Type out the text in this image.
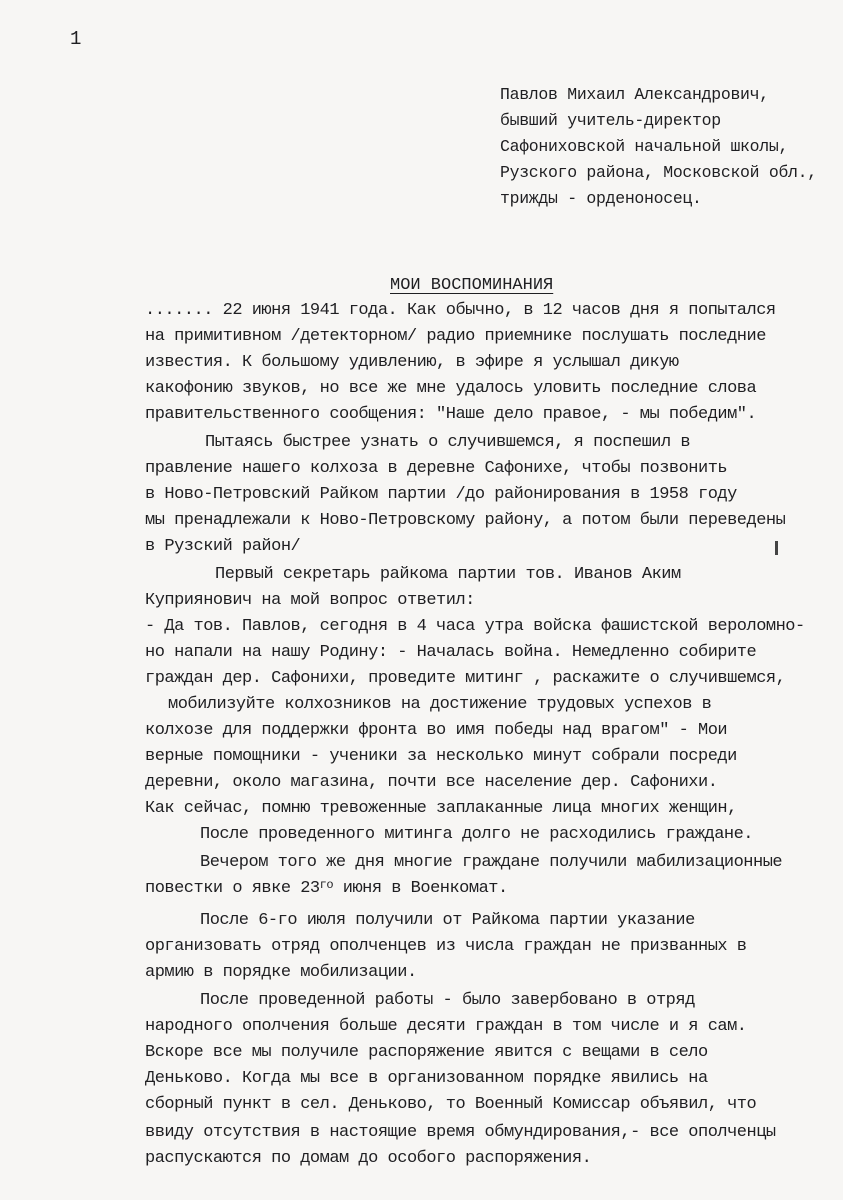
1
Павлов Михаил Александрович,
бывший учитель-директор
Сафониховской начальной школы,
Рузского района, Московской обл.,
трижды - орденоносец.
МОИ ВОСПОМИНАНИЯ
....... 22 июня 1941 года. Как обычно, в 12 часов дня я попытался
на примитивном /детекторном/ радио приемнике послушать последние
известия. К большому удивлению, в эфире я услышал дикую
какофонию звуков, но все же мне удалось уловить последние слова
правительственного сообщения: "Наше дело правое, - мы победим".
Пытаясь быстрее узнать о случившемся, я поспешил в
правление нашего колхоза в деревне Сафонихе, чтобы позвонить
в Ново-Петровский Райком партии /до районирования в 1958 году
мы пренадлежали к Ново-Петровскому району, а потом были переведены
в Рузский район/
Первый секретарь райкома партии тов. Иванов Аким
Куприянович на мой вопрос ответил:
- Да тов. Павлов, сегодня в 4 часа утра войска фашистской вероломно-
но напали на нашу Родину: - Началась война. Немедленно собирите
граждан дер. Сафонихи, проведите митинг , раскажите о случившемся,
мобилизуйте колхозников на достижение трудовых успехов в
колхозе для поддержки фронта во имя победы над врагом" - Мои
верные помощники - ученики за несколько минут собрали посреди
деревни, около магазина, почти все население дер. Сафонихи.
Как сейчас, помню тревоженные заплаканные лица многих женщин,
После проведенного митинга долго не расходились граждане.
Вечером того же дня многие граждане получили мабилизационные
повестки о явке $23^{го}$ июня в Военкомат.
После 6-го июля получили от Райкома партии указание
организовать отряд ополченцев из числа граждан не призванных в
армию в порядке мобилизации.
После проведенной работы - было завербовано в отряд
народного ополчения больше десяти граждан в том числе и я сам.
Вскоре все мы получиле распоряжение явится с вещами в село
Деньково. Когда мы все в организованном порядке явились на
сборный пункт в сел. Деньково, то Военный Комиссар объявил, что
ввиду отсутствия в настоящие время обмундирования,- все ополченцы
распускаются по домам до особого распоряжения.
